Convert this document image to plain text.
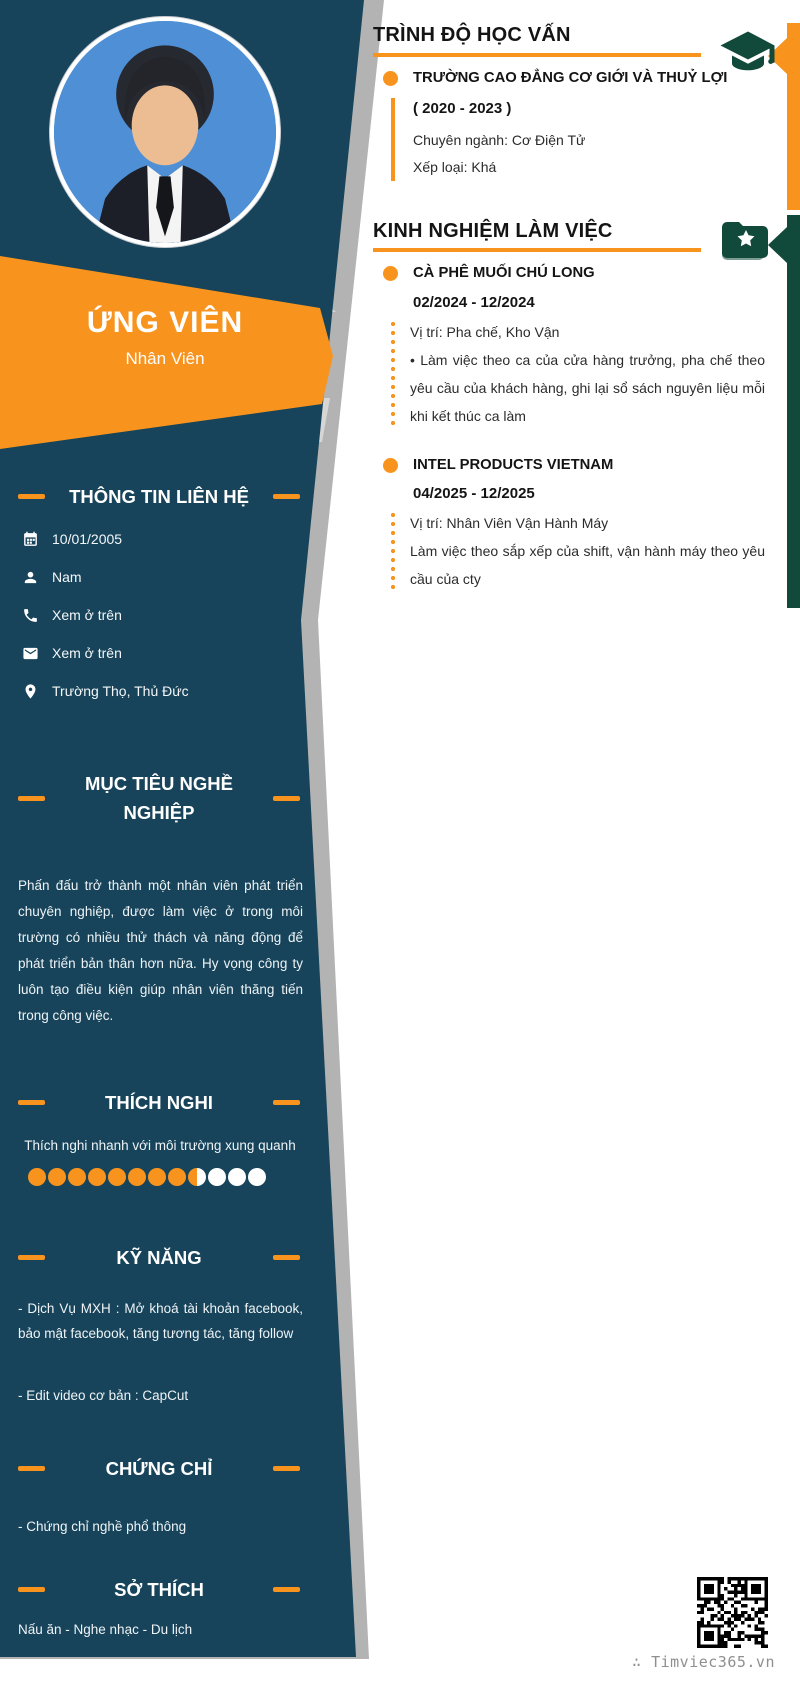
ỨNG VIÊN
Nhân Viên
THÔNG TIN LIÊN HỆ
10/01/2005
Nam
Xem ở trên
Xem ở trên
Trường Thọ, Thủ Đức
MỤC TIÊU NGHỀ NGHIỆP

Phấn đấu trở thành một nhân viên phát triển chuyên nghiệp, được làm việc ở trong môi trường có nhiều thử thách và năng động để phát triển bản thân hơn nữa. Hy vọng công ty luôn tạo điều kiện giúp nhân viên thăng tiến trong công việc.

THÍCH NGHI
Thích nghi nhanh với môi trường xung quanh
KỸ NĂNG

- Dịch Vụ MXH : Mở khoá tài khoản facebook, bảo mật facebook, tăng tương tác, tăng follow

- Edit video cơ bản : CapCut

CHỨNG CHỈ
- Chứng chỉ nghề phổ thông
SỞ THÍCH
Nấu ăn - Nghe nhạc - Du lịch
TRÌNH ĐỘ HỌC VẤN
TRƯỜNG CAO ĐẲNG CƠ GIỚI VÀ THUỶ LỢI
( 2020 - 2023 )
Chuyên ngành: Cơ Điện Tử
Xếp loại: Khá
KINH NGHIỆM LÀM VIỆC
CÀ PHÊ MUỐI CHÚ LONG
02/2024 - 12/2024
Vị trí: Pha chế, Kho Vận

• Làm việc theo ca của cửa hàng trưởng, pha chế theo yêu cầu của khách hàng, ghi lại sổ sách nguyên liệu mỗi khi kết thúc ca làm

INTEL PRODUCTS VIETNAM
04/2025 - 12/2025
Vị trí: Nhân Viên Vận Hành Máy

Làm việc theo sắp xếp của shift, vận hành máy theo yêu cầu của cty

∴ Timviec365.vn
